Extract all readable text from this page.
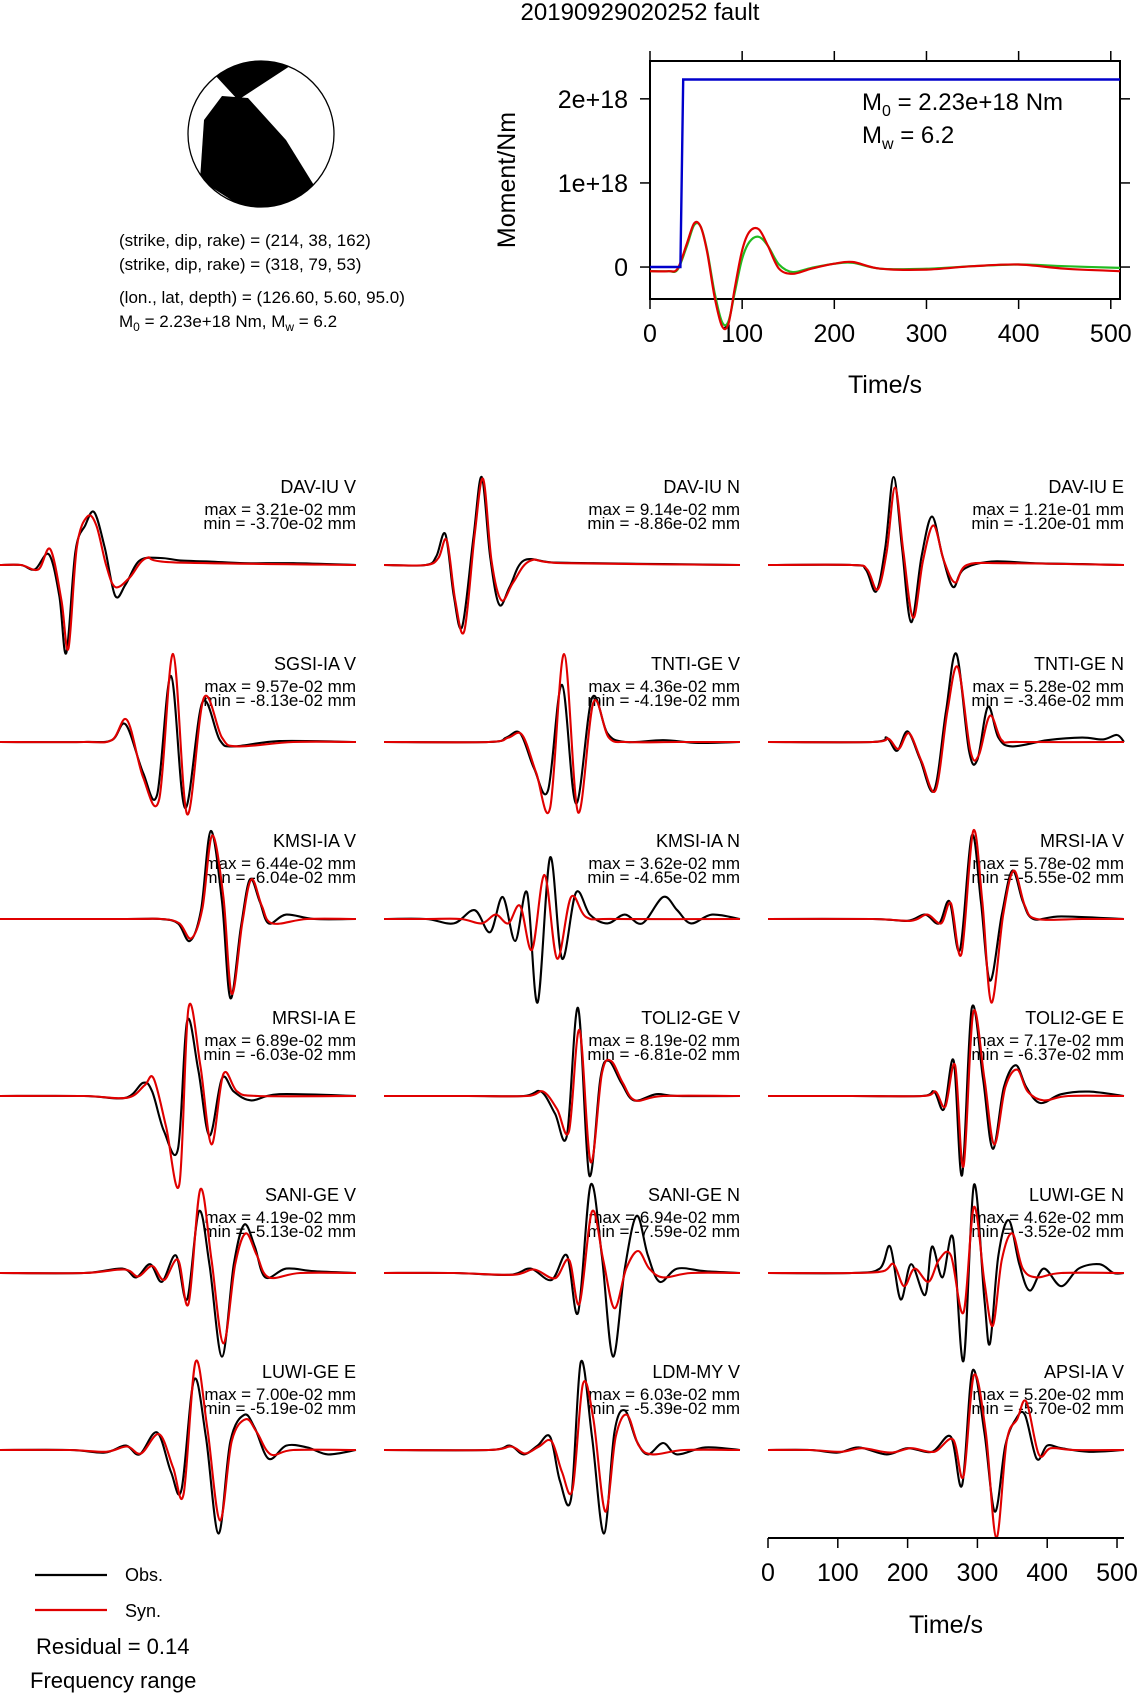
20190929020252 fault
(strike, dip, rake) = (214, 38, 162)
(strike, dip, rake) = (318, 79, 53)
(lon., lat, depth) = (126.60, 5.60, 95.0)
$M_0 = 2.23e+18$ Nm, $M_w = 6.2$	0	100 200 300 400 500
0
1e+18
2e+18	$M_0 = 2.23e+18$ Nm
$M_w = 6.2$
Time/s
Moment/Nm
DAV-IU V
max = 3.21e-02 mm
min = -3.70e-02 mm
DAV-IU N
max = 9.14e-02 mm
min = -8.86e-02 mm
DAV-IU E
max = 1.21e-01 mm
min = -1.20e-01 mm
SGSI-IA V
max = 9.57e-02 mm
min = -8.13e-02 mm
TNTI-GE V
max = 4.36e-02 mm
min = -4.19e-02 mm
TNTI-GE N
max = 5.28e-02 mm
min = -3.46e-02 mm
KMSI-IA V
max = 6.44e-02 mm
min = -6.04e-02 mm
KMSI-IA N
max = 3.62e-02 mm
min = -4.65e-02 mm
MRSI-IA V
max = 5.78e-02 mm
min = -5.55e-02 mm
MRSI-IA E
max = 6.89e-02 mm
min = -6.03e-02 mm
TOLI2-GE V
max = 8.19e-02 mm
min = -6.81e-02 mm
TOLI2-GE E
max = 7.17e-02 mm
min = -6.37e-02 mm
SANI-GE V
max = 4.19e-02 mm
min = -5.13e-02 mm
SANI-GE N
max = 6.94e-02 mm
min = -7.59e-02 mm
LUWI-GE N
max = 4.62e-02 mm
min = -3.52e-02 mm
LUWI-GE E
max = 7.00e-02 mm
min = -5.19e-02 mm
LDM-MY V
max = 6.03e-02 mm
min = -5.39e-02 mm
APSI-IA V
max = 5.20e-02 mm
min = -5.70e-02 mm
0 100 200 300 400 500
Time/s
Obs.
Syn.
Residual = 0.14
Frequency range
